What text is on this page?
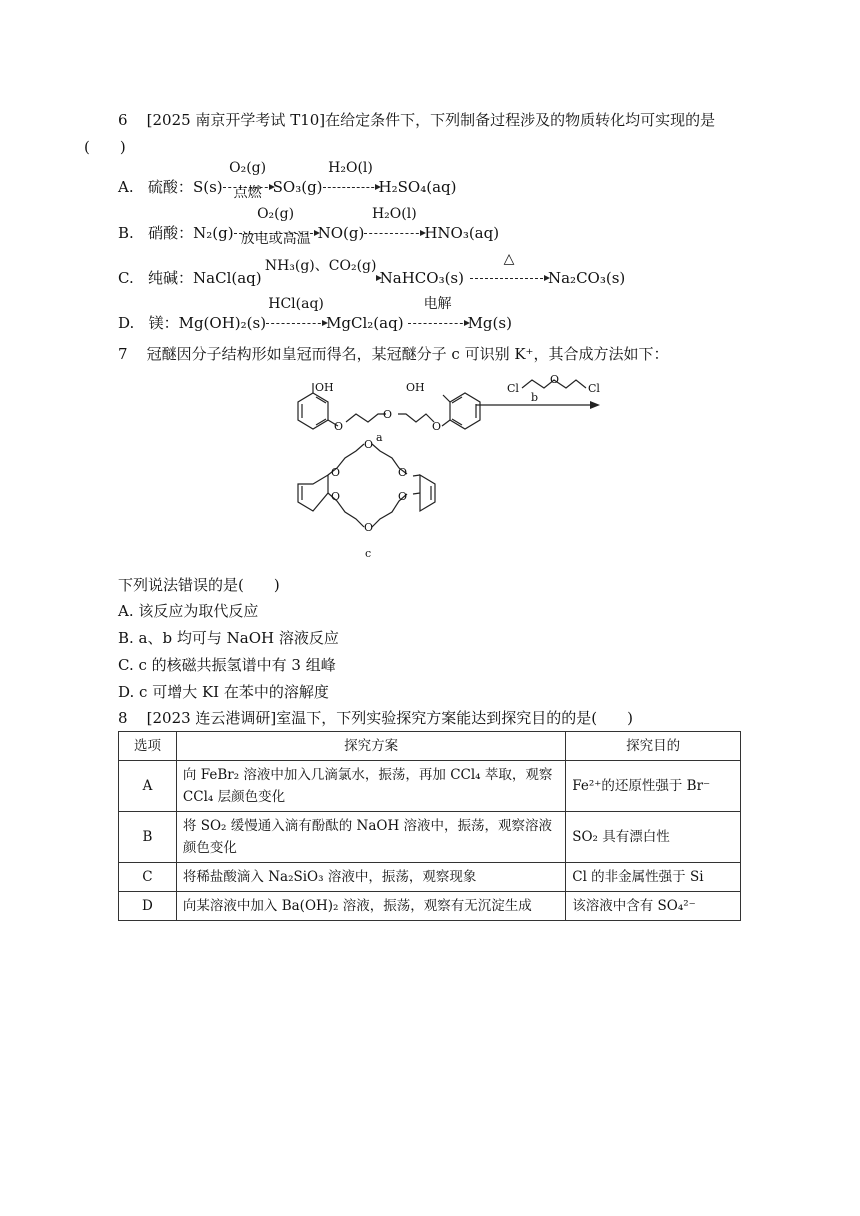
6 [2025 南京开学考试 T10]在给定条件下，下列制备过程涉及的物质转化均可实现的是
(　　)
A. 硫酸：S(s)
O₂(g)
点燃 SO₃(g)
H₂O(l)
H₂SO₄(aq)
B. 硝酸：N₂(g)
O₂(g)
放电或高温 NO(g)
H₂O(l)
HNO₃(aq)
C. 纯碱：NaCl(aq)
NH₃(g)、CO₂(g)
NaHCO₃(s)
△
Na₂CO₃(s)
D. 镁：Mg(OH)₂(s)
HCl(aq)
MgCl₂(aq)
电解
Mg(s)
7 冠醚因分子结构形如皇冠而得名，某冠醚分子 c 可识别 K⁺，其合成方法如下：
OH
O
O
O
OH
a
Cl
O
Cl
b
O
O	O
O	O
O
c
下列说法错误的是(　　)
A. 该反应为取代反应
B. a、b 均可与 NaOH 溶液反应
C. c 的核磁共振氢谱中有 3 组峰
D. c 可增大 KI 在苯中的溶解度
8 [2023 连云港调研]室温下，下列实验探究方案能达到探究目的的是(　　)
选项	探究方案	探究目的
A	向 FeBr₂ 溶液中加入几滴氯水，振荡，再加 CCl₄ 萃取，观察 CCl₄ 层颜色变化	Fe²⁺的还原性强于 Br⁻
B	将 SO₂ 缓慢通入滴有酚酞的 NaOH 溶液中，振荡，观察溶液颜色变化	SO₂ 具有漂白性
C	将稀盐酸滴入 Na₂SiO₃ 溶液中，振荡，观察现象	Cl 的非金属性强于 Si
D	向某溶液中加入 Ba(OH)₂ 溶液，振荡，观察有无沉淀生成	该溶液中含有 SO₄²⁻
